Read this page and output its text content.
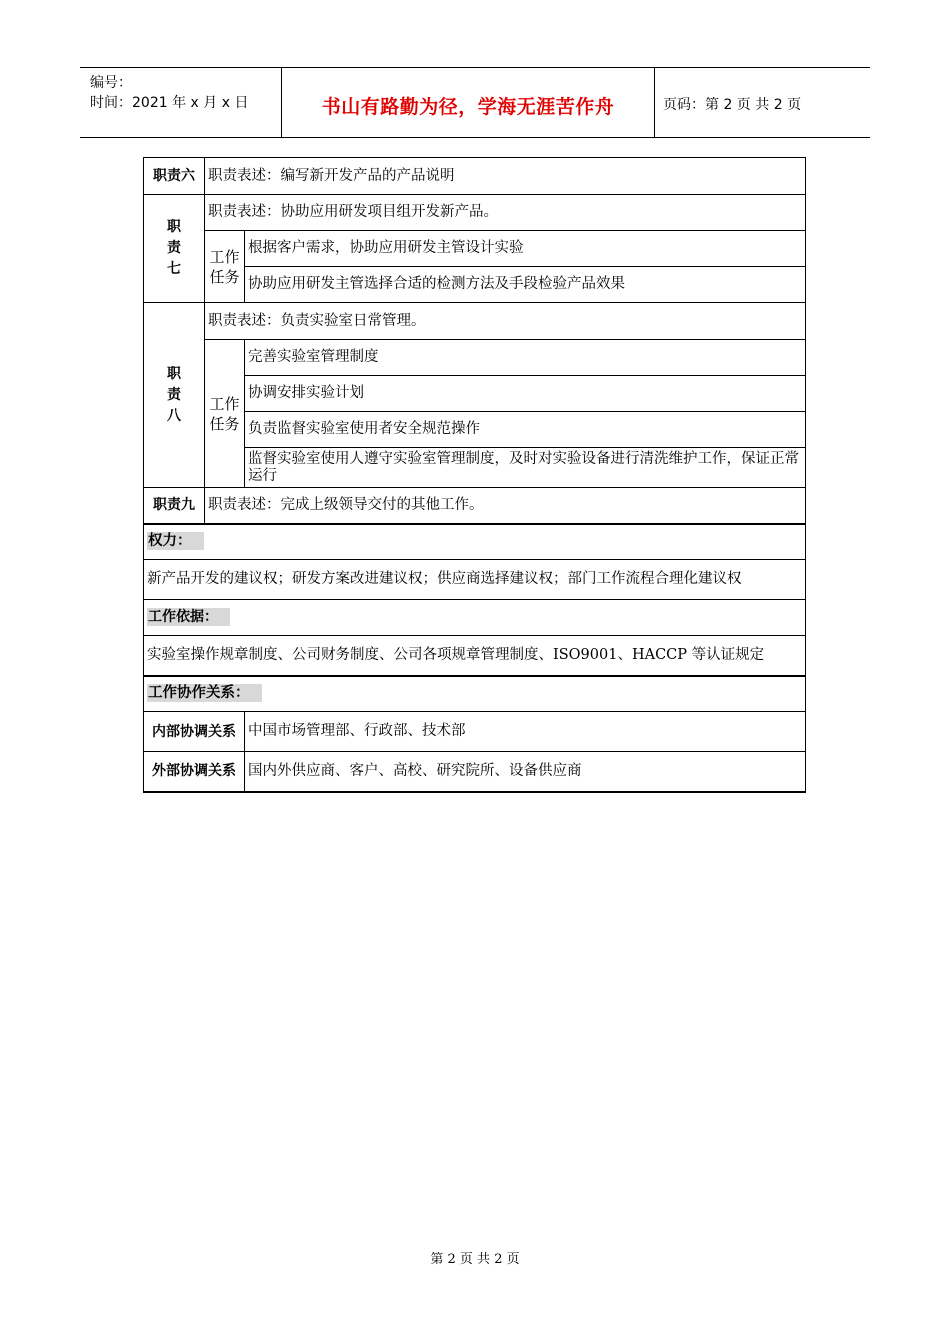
编号：
时间：2021 年 x 月 x 日	书山有路勤为径，学海无涯苦作舟	页码：第 2 页 共 2 页
职责六	职责表述：编写新开发产品的产品说明	
职责七	职责表述：协助应用研发项目组开发新产品。	
	工作任务	根据客户需求，协助应用研发主管设计实验
		协助应用研发主管选择合适的检测方法及手段检验产品效果
职责八	职责表述：负责实验室日常管理。	
	工作任务	完善实验室管理制度
		协调安排实验计划
		负责监督实验室使用者安全规范操作
		监督实验室使用人遵守实验室管理制度，及时对实验设备进行清洗维护工作，保证正常运行
职责九	职责表述：完成上级领导交付的其他工作。	
权力：		
新产品开发的建议权；研发方案改进建议权；供应商选择建议权；部门工作流程合理化建议权		
工作依据：		
实验室操作规章制度、公司财务制度、公司各项规章管理制度、ISO9001、HACCP 等认证规定		
工作协作关系：		
内部协调关系		中国市场管理部、行政部、技术部
外部协调关系		国内外供应商、客户、高校、研究院所、设备供应商
第 2 页 共 2 页
